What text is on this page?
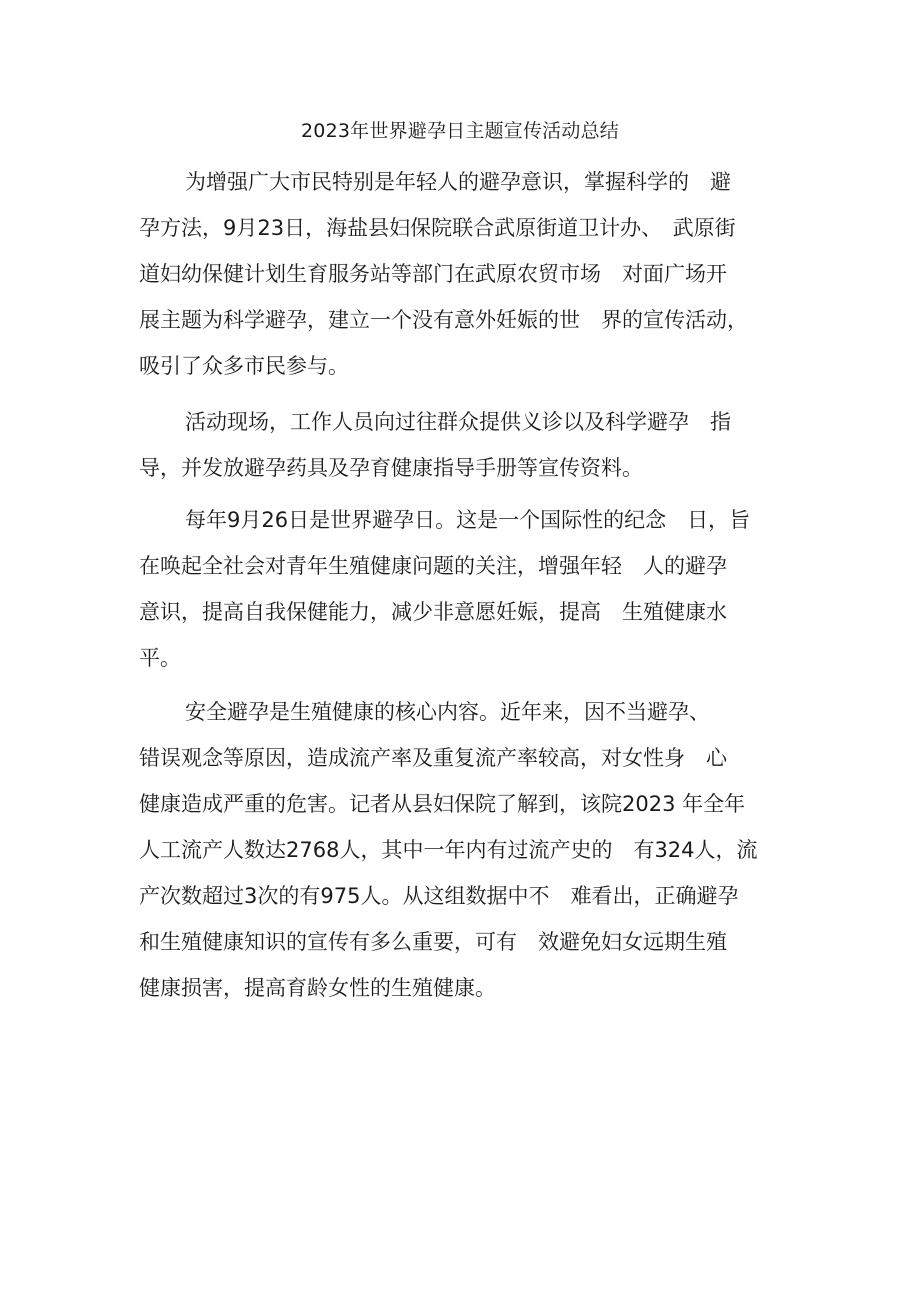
2023年世界避孕日主题宣传活动总结
为增强广大市民特别是年轻人的避孕意识，掌握科学的　避
孕方法，9月23日，海盐县妇保院联合武原街道卫计办、　武原街
道妇幼保健计划生育服务站等部门在武原农贸市场　对面广场开
展主题为科学避孕，建立一个没有意外妊娠的世　界的宣传活动，
吸引了众多市民参与。
活动现场，工作人员向过往群众提供义诊以及科学避孕　指
导，并发放避孕药具及孕育健康指导手册等宣传资料。
每年9月26日是世界避孕日。这是一个国际性的纪念　日，旨
在唤起全社会对青年生殖健康问题的关注，增强年轻　人的避孕
意识，提高自我保健能力，减少非意愿妊娠，提高　生殖健康水
平。
安全避孕是生殖健康的核心内容。近年来，因不当避孕、
错误观念等原因，造成流产率及重复流产率较高，对女性身　心
健康造成严重的危害。记者从县妇保院了解到，该院2023 年全年
人工流产人数达2768人，其中一年内有过流产史的　有324人，流
产次数超过3次的有975人。从这组数据中不　难看出，正确避孕
和生殖健康知识的宣传有多么重要，可有　效避免妇女远期生殖
健康损害，提高育龄女性的生殖健康。
